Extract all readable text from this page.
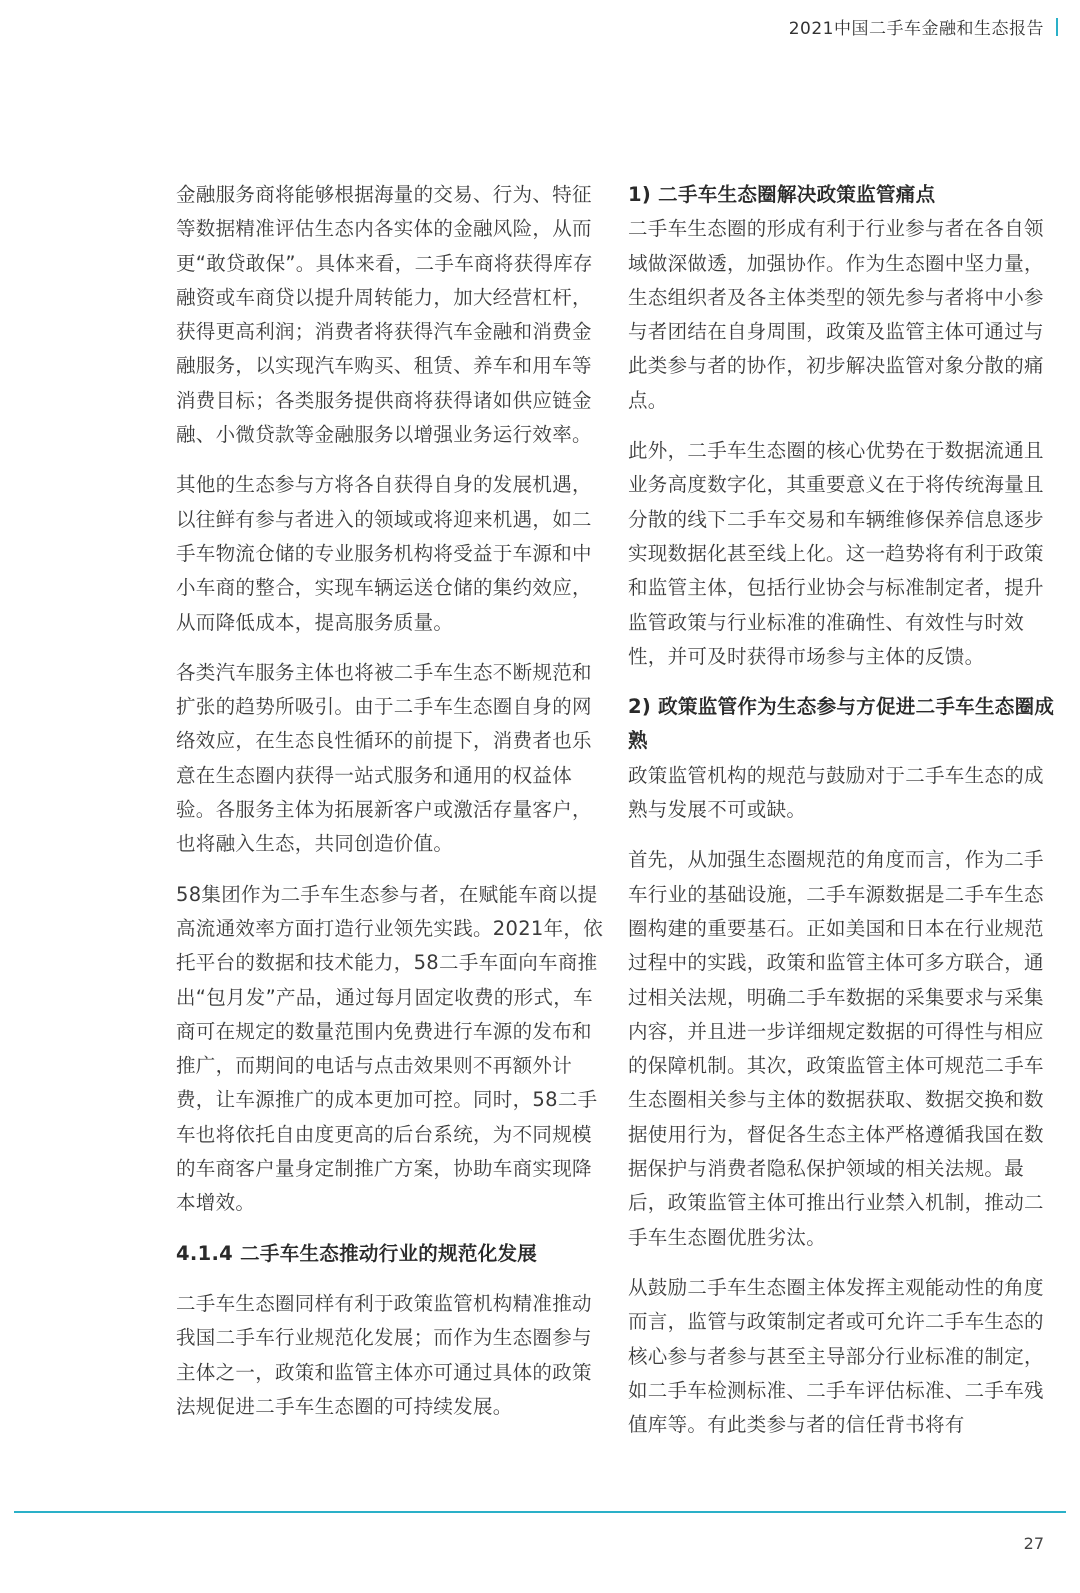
2021中国二手车金融和生态报告

金融服务商将能够根据海量的交易、行为、特征等数据精准评估生态内各实体的金融风险，从而更“敢贷敢保”。具体来看，二手车商将获得库存融资或车商贷以提升周转能力，加大经营杠杆，获得更高利润；消费者将获得汽车金融和消费金融服务，以实现汽车购买、租赁、养车和用车等消费目标；各类服务提供商将获得诸如供应链金融、小微贷款等金融服务以增强业务运行效率。

其他的生态参与方将各自获得自身的发展机遇，以往鲜有参与者进入的领域或将迎来机遇，如二手车物流仓储的专业服务机构将受益于车源和中小车商的整合，实现车辆运送仓储的集约效应，从而降低成本，提高服务质量。

各类汽车服务主体也将被二手车生态不断规范和扩张的趋势所吸引。由于二手车生态圈自身的网络效应，在生态良性循环的前提下，消费者也乐意在生态圈内获得一站式服务和通用的权益体验。各服务主体为拓展新客户或激活存量客户，也将融入生态，共同创造价值。

58集团作为二手车生态参与者，在赋能车商以提高流通效率方面打造行业领先实践。2021年，依托平台的数据和技术能力，58二手车面向车商推出“包月发”产品，通过每月固定收费的形式，车商可在规定的数量范围内免费进行车源的发布和推广，而期间的电话与点击效果则不再额外计费，让车源推广的成本更加可控。同时，58二手车也将依托自由度更高的后台系统，为不同规模的车商客户量身定制推广方案，协助车商实现降本增效。

4.1.4 二手车生态推动行业的规范化发展

二手车生态圈同样有利于政策监管机构精准推动我国二手车行业规范化发展；而作为生态圈参与主体之一，政策和监管主体亦可通过具体的政策法规促进二手车生态圈的可持续发展。

1) 二手车生态圈解决政策监管痛点

二手车生态圈的形成有利于行业参与者在各自领域做深做透，加强协作。作为生态圈中坚力量，生态组织者及各主体类型的领先参与者将中小参与者团结在自身周围，政策及监管主体可通过与此类参与者的协作，初步解决监管对象分散的痛点。

此外，二手车生态圈的核心优势在于数据流通且业务高度数字化，其重要意义在于将传统海量且分散的线下二手车交易和车辆维修保养信息逐步实现数据化甚至线上化。这一趋势将有利于政策和监管主体，包括行业协会与标准制定者，提升监管政策与行业标准的准确性、有效性与时效性，并可及时获得市场参与主体的反馈。

2) 政策监管作为生态参与方促进二手车生态圈成熟

政策监管机构的规范与鼓励对于二手车生态的成熟与发展不可或缺。

首先，从加强生态圈规范的角度而言，作为二手车行业的基础设施，二手车源数据是二手车生态圈构建的重要基石。正如美国和日本在行业规范过程中的实践，政策和监管主体可多方联合，通过相关法规，明确二手车数据的采集要求与采集内容，并且进一步详细规定数据的可得性与相应的保障机制。其次，政策监管主体可规范二手车生态圈相关参与主体的数据获取、数据交换和数据使用行为，督促各生态主体严格遵循我国在数据保护与消费者隐私保护领域的相关法规。最后，政策监管主体可推出行业禁入机制，推动二手车生态圈优胜劣汰。

从鼓励二手车生态圈主体发挥主观能动性的角度而言，监管与政策制定者或可允许二手车生态的核心参与者参与甚至主导部分行业标准的制定，如二手车检测标准、二手车评估标准、二手车残值库等。有此类参与者的信任背书将有

27
